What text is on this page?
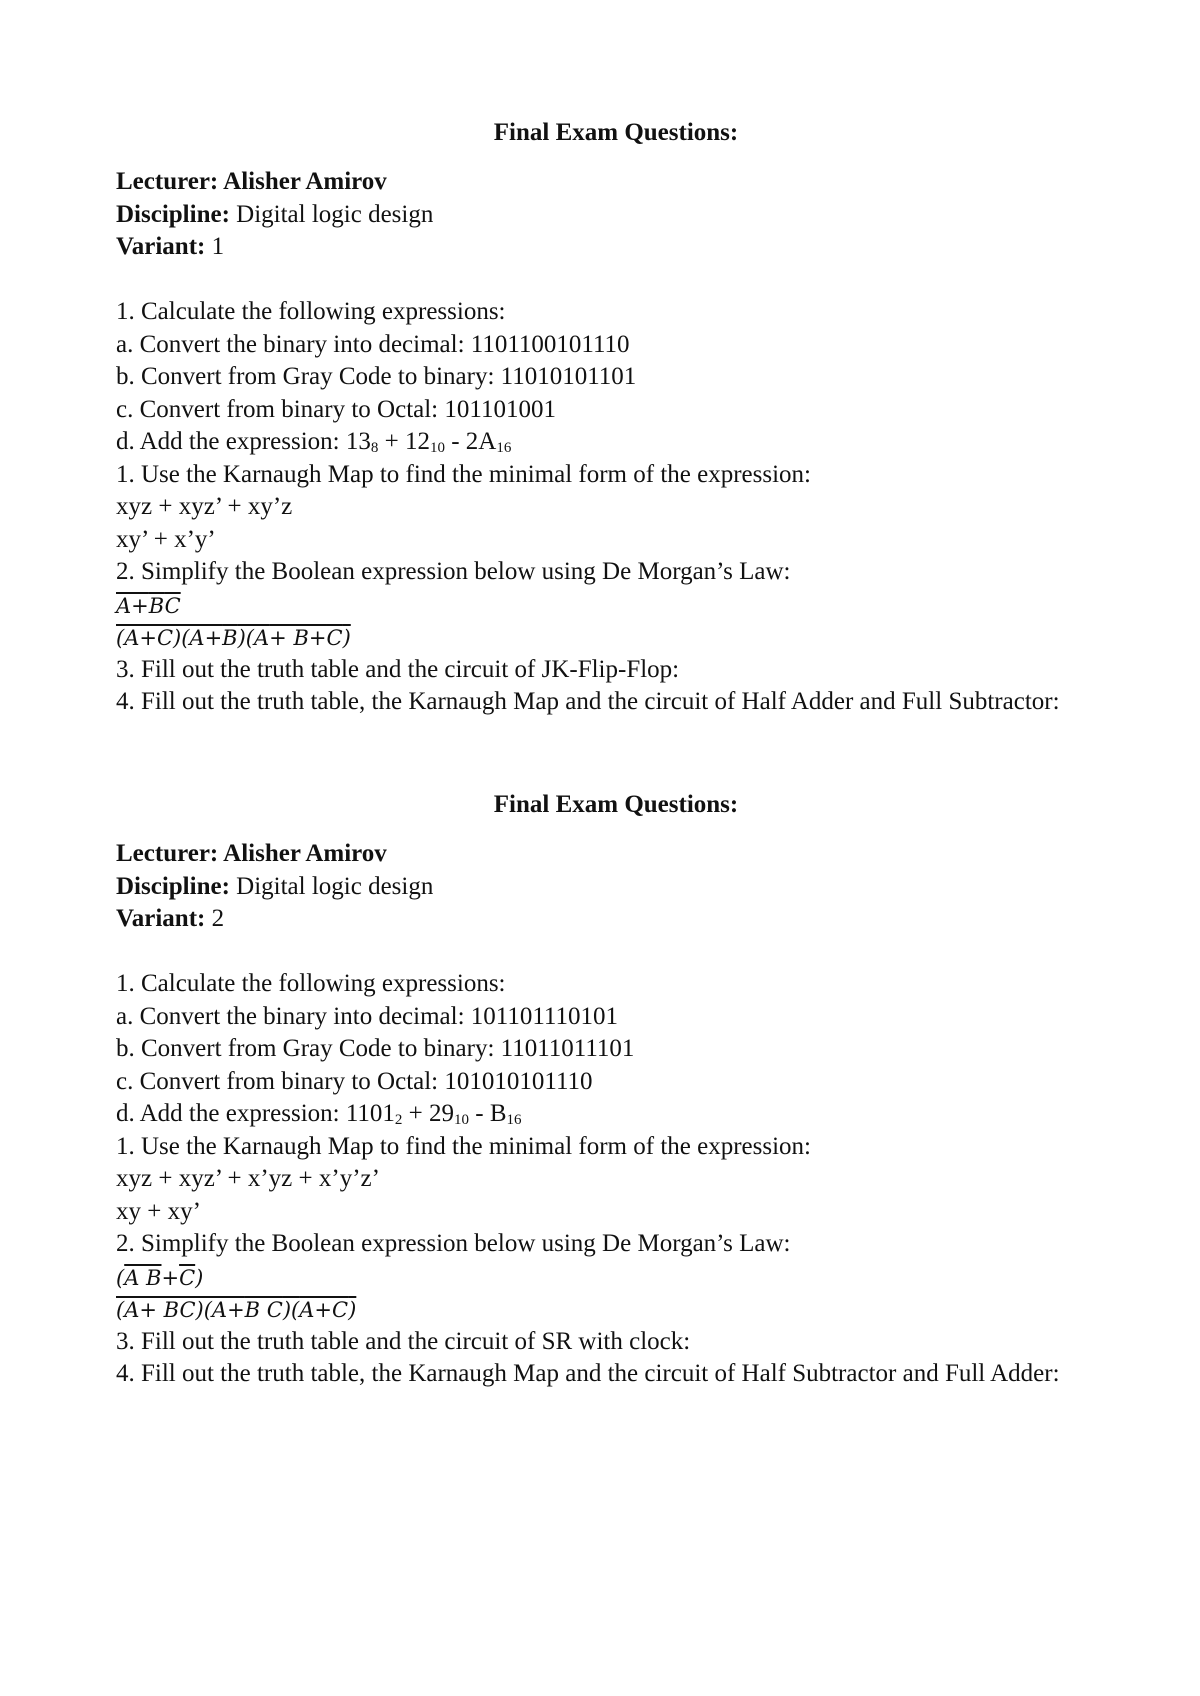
Final Exam Questions:
Lecturer: Alisher Amirov
Discipline: Digital logic design
Variant: 1
1. Calculate the following expressions:
a. Convert the binary into decimal: 1101100101110
b. Convert from Gray Code to binary: 11010101101
c. Convert from binary to Octal: 101101001
d. Add the expression: $13_8 + 12_{10} - 2A_{16}$
1. Use the Karnaugh Map to find the minimal form of the expression:
xyz + xyz’ + xy’z
xy’ + x’y’
2. Simplify the Boolean expression below using De Morgan’s Law:
A+BC
(A+C)(A+B)(A+ B+C)
3. Fill out the truth table and the circuit of JK-Flip-Flop:
4. Fill out the truth table, the Karnaugh Map and the circuit of Half Adder and Full Subtractor:
Final Exam Questions:
Lecturer: Alisher Amirov
Discipline: Digital logic design
Variant: 2
1. Calculate the following expressions:
a. Convert the binary into decimal: 101101110101
b. Convert from Gray Code to binary: 11011011101
c. Convert from binary to Octal: 101010101110
d. Add the expression: $1101_2 + 29_{10} - B_{16}$
1. Use the Karnaugh Map to find the minimal form of the expression:
xyz + xyz’ + x’yz + x’y’z’
xy + xy’
2. Simplify the Boolean expression below using De Morgan’s Law:
(A $B+\overline{C}$)
(A+ BC)(A+B C)(A+C)
3. Fill out the truth table and the circuit of SR with clock:
4. Fill out the truth table, the Karnaugh Map and the circuit of Half Subtractor and Full Adder:
